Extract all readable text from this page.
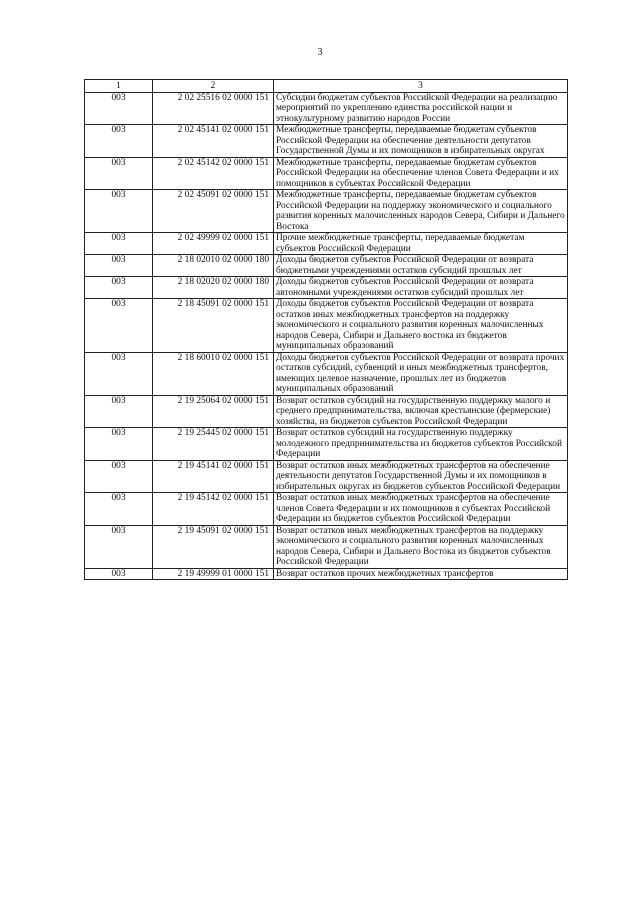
3
1	2	3
003	2 02 25516 02 0000 151	Субсидии бюджетам субъектов Российской Федерации на реализацию мероприятий по укреплению единства российской нации и этнокультурному развитию народов России
003	2 02 45141 02 0000 151	Межбюджетные трансферты, передаваемые бюджетам субъектов Российской Федерации на обеспечение деятельности депутатов Государственной Думы и их помощников в избирательных округах
003	2 02 45142 02 0000 151	Межбюджетные трансферты, передаваемые бюджетам субъектов Российской Федерации на обеспечение членов Совета Федерации и их помощников в субъектах Российской Федерации
003	2 02 45091 02 0000 151	Межбюджетные трансферты, передаваемые бюджетам субъектов Российской Федерации на поддержку экономического и социального развития коренных малочисленных народов Севера, Сибири и Дальнего Востока
003	2 02 49999 02 0000 151	Прочие межбюджетные трансферты, передаваемые бюджетам субъектов Российской Федерации
003	2 18 02010 02 0000 180	Доходы бюджетов субъектов Российской Федерации от возврата бюджетными учреждениями остатков субсидий прошлых лет
003	2 18 02020 02 0000 180	Доходы бюджетов субъектов Российской Федерации от возврата автономными учреждениями остатков субсидий прошлых лет
003	2 18 45091 02 0000 151	Доходы бюджетов субъектов Российской Федерации от возврата остатков иных межбюджетных трансфертов на поддержку экономического и социального развития коренных малочисленных народов Севера, Сибири и Дальнего востока из бюджетов муниципальных образований
003	2 18 60010 02 0000 151	Доходы бюджетов субъектов Российской Федерации от возврата прочих остатков субсидий, субвенций и иных межбюджетных трансфертов, имеющих целевое назначение, прошлых лет из бюджетов муниципальных образований
003	2 19 25064 02 0000 151	Возврат остатков субсидий на государственную поддержку малого и среднего предпринимательства, включая крестьянские (фермерские) хозяйства, из бюджетов субъектов Российской Федерации
003	2 19 25445 02 0000 151	Возврат остатков субсидий на государственную поддержку молодежного предпринимательства из бюджетов субъектов Российской Федерации
003	2 19 45141 02 0000 151	Возврат остатков иных межбюджетных трансфертов на обеспечение деятельности депутатов Государственной Думы и их помощников в избирательных округах из бюджетов субъектов Российской Федерации
003	2 19 45142 02 0000 151	Возврат остатков иных межбюджетных трансфертов на обеспечение членов Совета Федерации и их помощников в субъектах Российской Федерации из бюджетов субъектов Российской Федерации
003	2 19 45091 02 0000 151	Возврат остатков иных межбюджетных трансфертов на поддержку экономического и социального развития коренных малочисленных народов Севера, Сибири и Дальнего Востока из бюджетов субъектов Российской Федерации
003	2 19 49999 01 0000 151	Возврат остатков прочих межбюджетных трансфертов
